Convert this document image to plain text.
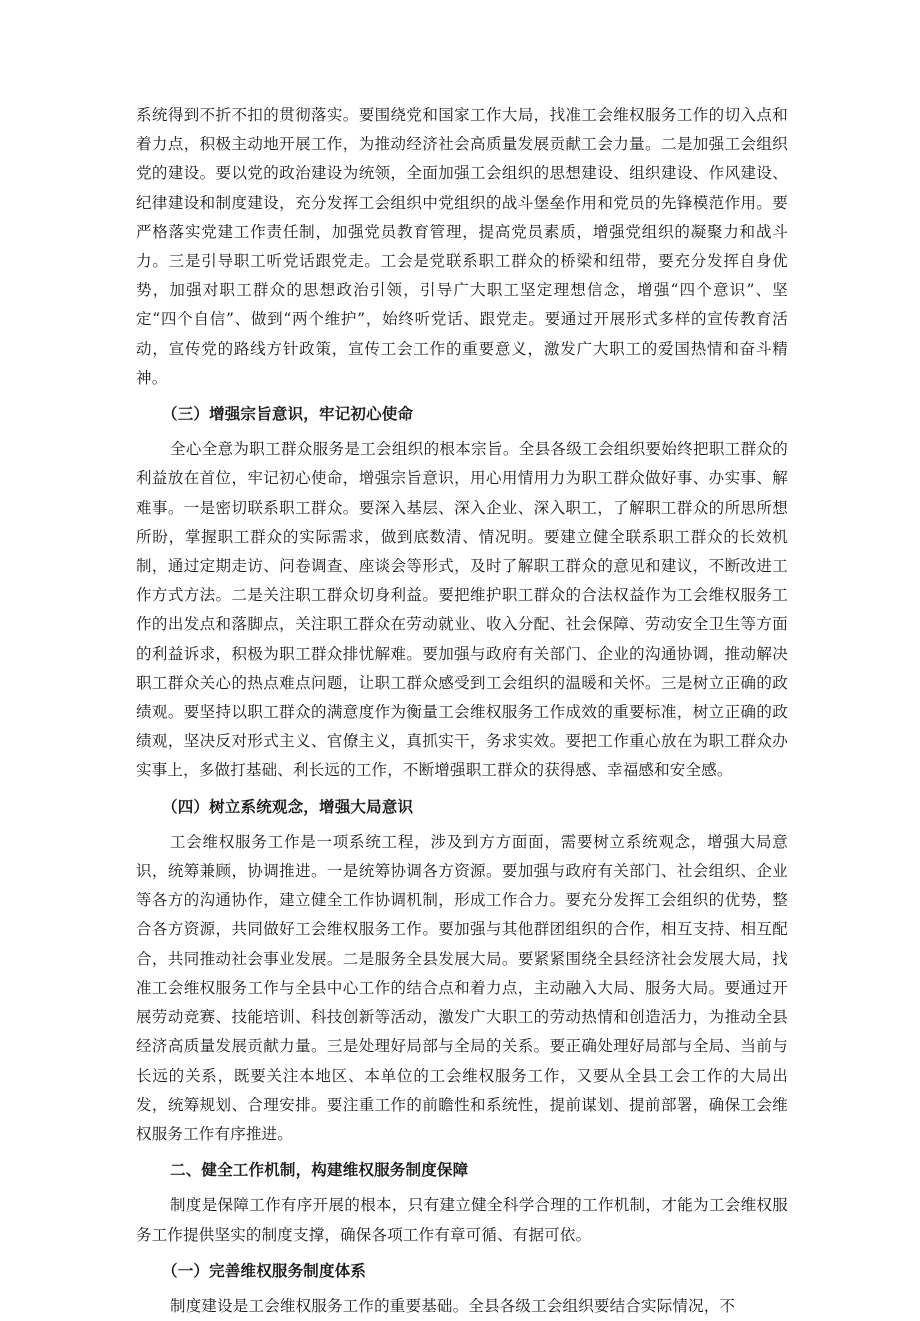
系统得到不折不扣的贯彻落实。要围绕党和国家工作大局，找准工会维权服务工作的切入点和着力点，积极主动地开展工作，为推动经济社会高质量发展贡献工会力量。二是加强工会组织党的建设。要以党的政治建设为统领，全面加强工会组织的思想建设、组织建设、作风建设、纪律建设和制度建设，充分发挥工会组织中党组织的战斗堡垒作用和党员的先锋模范作用。要严格落实党建工作责任制，加强党员教育管理，提高党员素质，增强党组织的凝聚力和战斗力。三是引导职工听党话跟党走。工会是党联系职工群众的桥梁和纽带，要充分发挥自身优势，加强对职工群众的思想政治引领，引导广大职工坚定理想信念，增强“四个意识”、坚定“四个自信”、做到“两个维护”，始终听党话、跟党走。要通过开展形式多样的宣传教育活动，宣传党的路线方针政策，宣传工会工作的重要意义，激发广大职工的爱国热情和奋斗精神。

（三）增强宗旨意识，牢记初心使命

全心全意为职工群众服务是工会组织的根本宗旨。全县各级工会组织要始终把职工群众的利益放在首位，牢记初心使命，增强宗旨意识，用心用情用力为职工群众做好事、办实事、解难事。一是密切联系职工群众。要深入基层、深入企业、深入职工，了解职工群众的所思所想所盼，掌握职工群众的实际需求，做到底数清、情况明。要建立健全联系职工群众的长效机制，通过定期走访、问卷调查、座谈会等形式，及时了解职工群众的意见和建议，不断改进工作方式方法。二是关注职工群众切身利益。要把维护职工群众的合法权益作为工会维权服务工作的出发点和落脚点，关注职工群众在劳动就业、收入分配、社会保障、劳动安全卫生等方面的利益诉求，积极为职工群众排忧解难。要加强与政府有关部门、企业的沟通协调，推动解决职工群众关心的热点难点问题，让职工群众感受到工会组织的温暖和关怀。三是树立正确的政绩观。要坚持以职工群众的满意度作为衡量工会维权服务工作成效的重要标准，树立正确的政绩观，坚决反对形式主义、官僚主义，真抓实干，务求实效。要把工作重心放在为职工群众办实事上，多做打基础、利长远的工作，不断增强职工群众的获得感、幸福感和安全感。

（四）树立系统观念，增强大局意识

工会维权服务工作是一项系统工程，涉及到方方面面，需要树立系统观念，增强大局意识，统筹兼顾，协调推进。一是统筹协调各方资源。要加强与政府有关部门、社会组织、企业等各方的沟通协作，建立健全工作协调机制，形成工作合力。要充分发挥工会组织的优势，整合各方资源，共同做好工会维权服务工作。要加强与其他群团组织的合作，相互支持、相互配合，共同推动社会事业发展。二是服务全县发展大局。要紧紧围绕全县经济社会发展大局，找准工会维权服务工作与全县中心工作的结合点和着力点，主动融入大局、服务大局。要通过开展劳动竞赛、技能培训、科技创新等活动，激发广大职工的劳动热情和创造活力，为推动全县经济高质量发展贡献力量。三是处理好局部与全局的关系。要正确处理好局部与全局、当前与长远的关系，既要关注本地区、本单位的工会维权服务工作，又要从全县工会工作的大局出发，统筹规划、合理安排。要注重工作的前瞻性和系统性，提前谋划、提前部署，确保工会维权服务工作有序推进。

二、健全工作机制，构建维权服务制度保障

制度是保障工作有序开展的根本，只有建立健全科学合理的工作机制，才能为工会维权服务工作提供坚实的制度支撑，确保各项工作有章可循、有据可依。

（一）完善维权服务制度体系

制度建设是工会维权服务工作的重要基础。全县各级工会组织要结合实际情况，不
